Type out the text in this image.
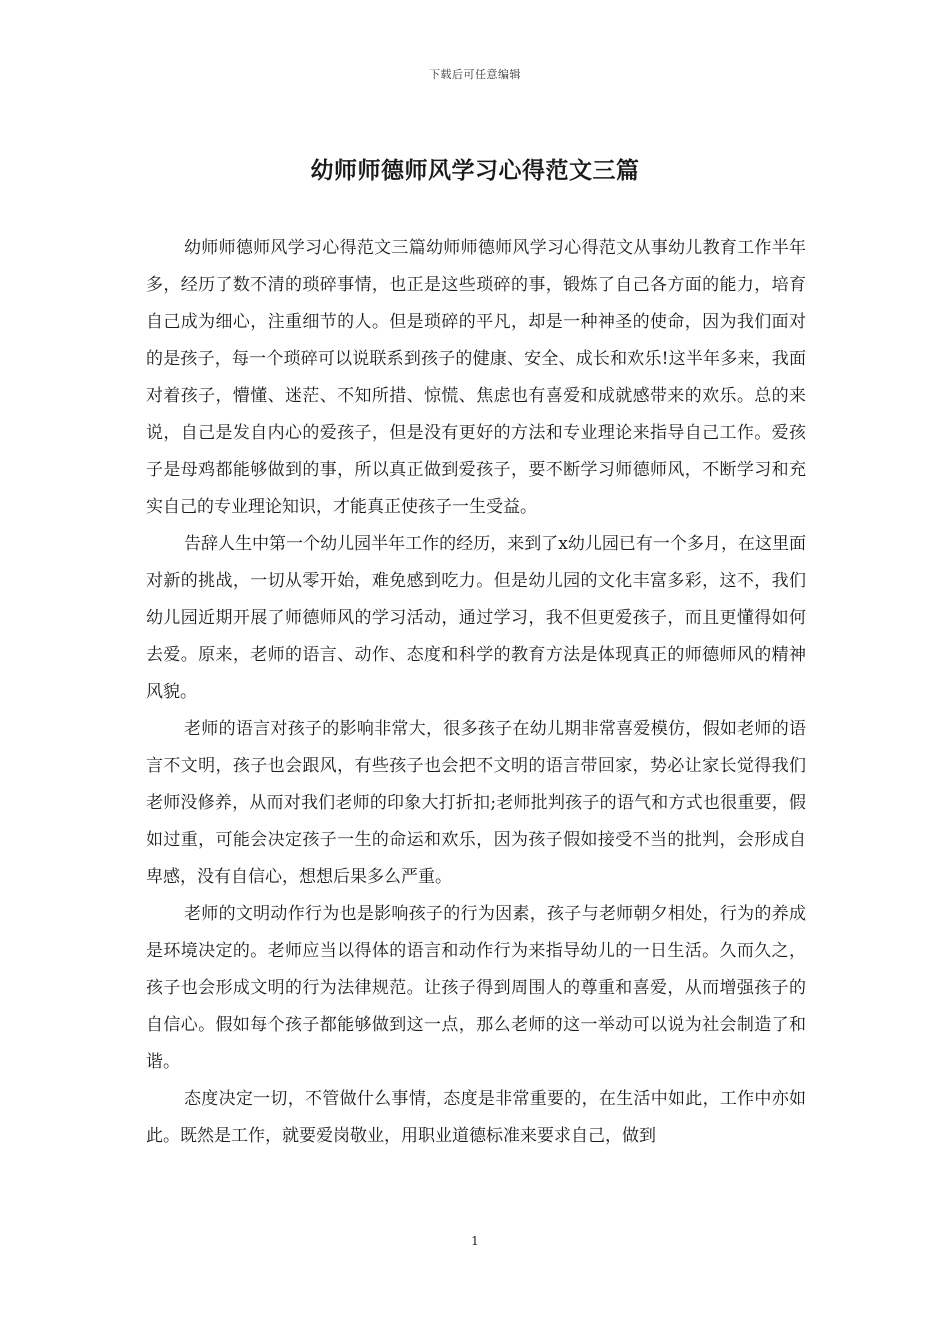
下载后可任意编辑
幼师师德师风学习心得范文三篇

幼师师德师风学习心得范文三篇幼师师德师风学习心得范文从事幼儿教育工作半年多，经历了数不清的琐碎事情，也正是这些琐碎的事，锻炼了自己各方面的能力，培育自己成为细心，注重细节的人。但是琐碎的平凡，却是一种神圣的使命，因为我们面对的是孩子，每一个琐碎可以说联系到孩子的健康、安全、成长和欢乐!这半年多来，我面对着孩子，懵懂、迷茫、不知所措、惊慌、焦虑也有喜爱和成就感带来的欢乐。总的来说，自己是发自内心的爱孩子，但是没有更好的方法和专业理论来指导自己工作。爱孩子是母鸡都能够做到的事，所以真正做到爱孩子，要不断学习师德师风，不断学习和充实自己的专业理论知识，才能真正使孩子一生受益。

告辞人生中第一个幼儿园半年工作的经历，来到了x幼儿园已有一个多月，在这里面对新的挑战，一切从零开始，难免感到吃力。但是幼儿园的文化丰富多彩，这不，我们幼儿园近期开展了师德师风的学习活动，通过学习，我不但更爱孩子，而且更懂得如何去爱。原来，老师的语言、动作、态度和科学的教育方法是体现真正的师德师风的精神风貌。

老师的语言对孩子的影响非常大，很多孩子在幼儿期非常喜爱模仿，假如老师的语言不文明，孩子也会跟风，有些孩子也会把不文明的语言带回家，势必让家长觉得我们老师没修养，从而对我们老师的印象大打折扣;老师批判孩子的语气和方式也很重要，假如过重，可能会决定孩子一生的命运和欢乐，因为孩子假如接受不当的批判，会形成自卑感，没有自信心，想想后果多么严重。

老师的文明动作行为也是影响孩子的行为因素，孩子与老师朝夕相处，行为的养成是环境决定的。老师应当以得体的语言和动作行为来指导幼儿的一日生活。久而久之，孩子也会形成文明的行为法律规范。让孩子得到周围人的尊重和喜爱，从而增强孩子的自信心。假如每个孩子都能够做到这一点，那么老师的这一举动可以说为社会制造了和谐。

态度决定一切，不管做什么事情，态度是非常重要的，在生活中如此，工作中亦如此。既然是工作，就要爱岗敬业，用职业道德标准来要求自己，做到

1
